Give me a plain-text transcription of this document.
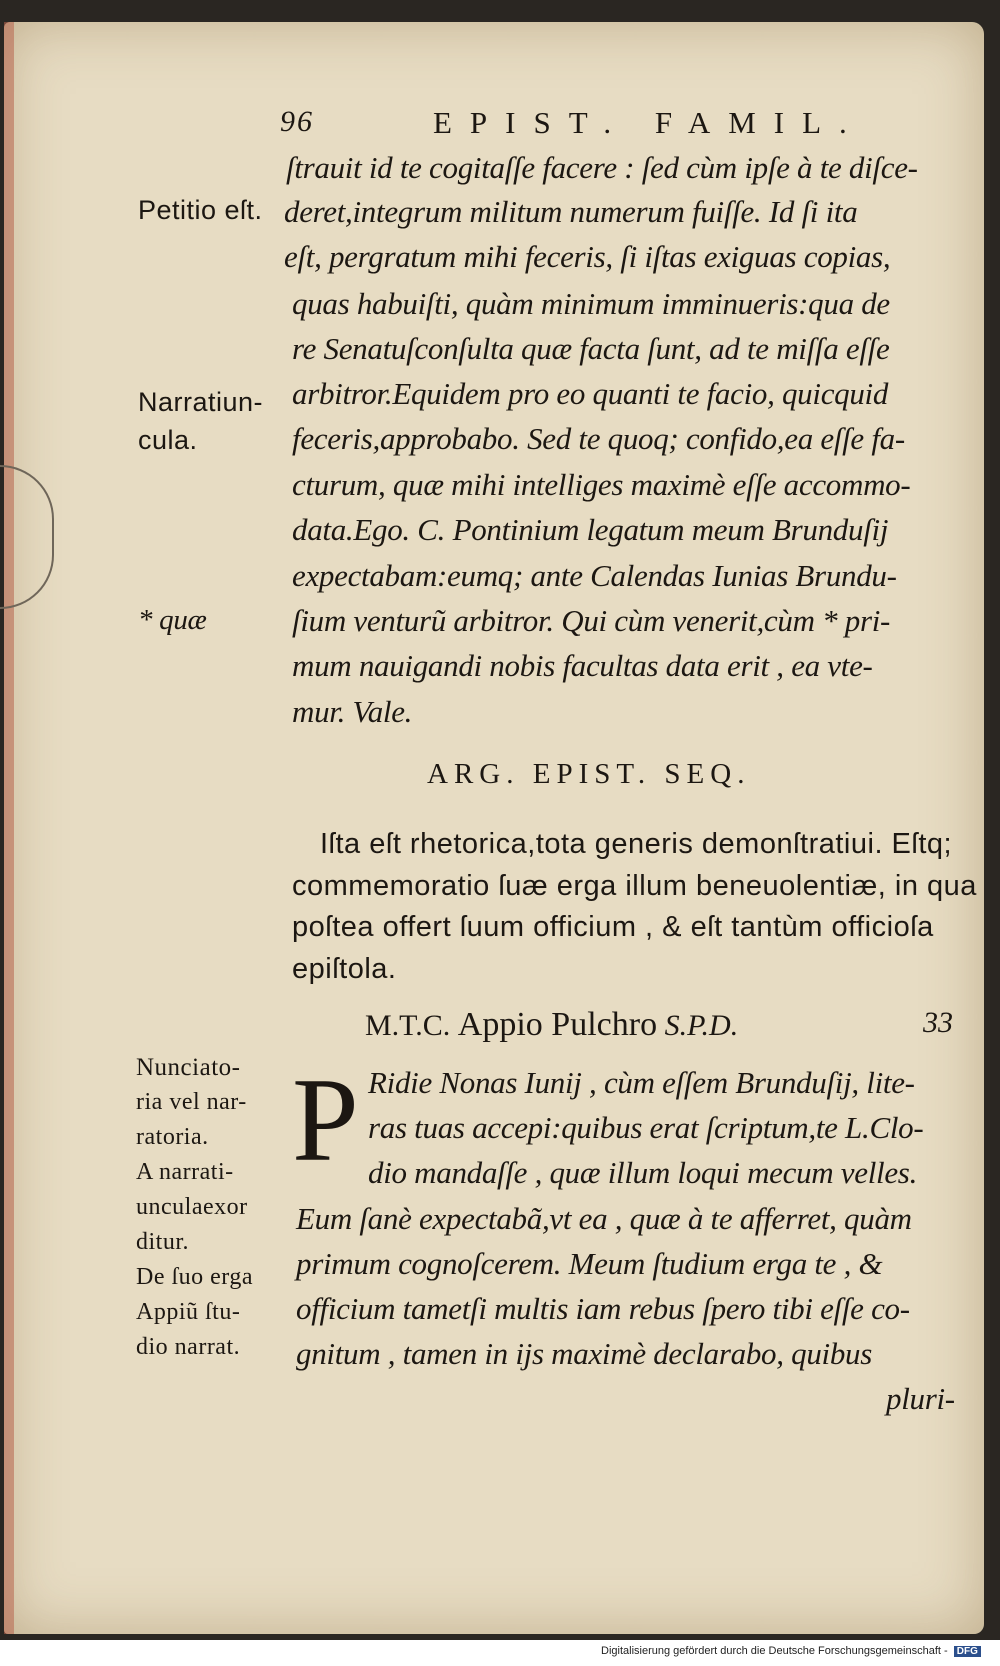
96	EPIST. FAMIL.
ſtrauit id te cogitaſſe facere : ſed cùm ipſe à te diſce-
deret,integrum militum numerum fuiſſe. Id ſi ita
eſt, pergratum mihi feceris, ſi iſtas exiguas copias,
quas habuiſti, quàm minimum imminueris:qua de
re Senatuſconſulta quæ facta ſunt, ad te miſſa eſſe
arbitror.Equidem pro eo quanti te facio, quicquid
feceris,approbabo. Sed te quoq; confido,ea eſſe fa-
cturum, quæ mihi intelliges maximè eſſe accommo-
data.Ego. C. Pontinium legatum meum Brunduſij
expectabam:eumq; ante Calendas Iunias Brundu-
ſium venturũ arbitror. Qui cùm venerit,cùm * pri-
mum nauigandi nobis facultas data erit , ea vte-
mur. Vale.
Petitio eſt.
Narratiun-
cula.
* quæ
ARG. EPIST. SEQ.
Iſta eſt rhetorica,tota generis demonſtratiui. Eſtq;
commemoratio ſuæ erga illum beneuolentiæ, in qua
poſtea offert ſuum officium , & eſt tantùm officioſa
epiſtola.
M.T.C. Appio Pulchro S.P.D.	33
P Ridie Nonas Iunij , cùm eſſem Brunduſij, lite-
ras tuas accepi:quibus erat ſcriptum,te L.Clo-
dio mandaſſe , quæ illum loqui mecum velles.
Eum ſanè expectabã,vt ea , quæ à te afferret, quàm
primum cognoſcerem. Meum ſtudium erga te , &
officium tametſi multis iam rebus ſpero tibi eſſe co-
gnitum , tamen in ijs maximè declarabo, quibus
pluri-
Nunciato-
ria vel nar-
ratoria.
A narrati-
unculaexor
ditur.
De ſuo erga
Appiũ ſtu-
dio narrat.
Digitalisierung gefördert durch die Deutsche Forschungsgemeinschaft - DFG
